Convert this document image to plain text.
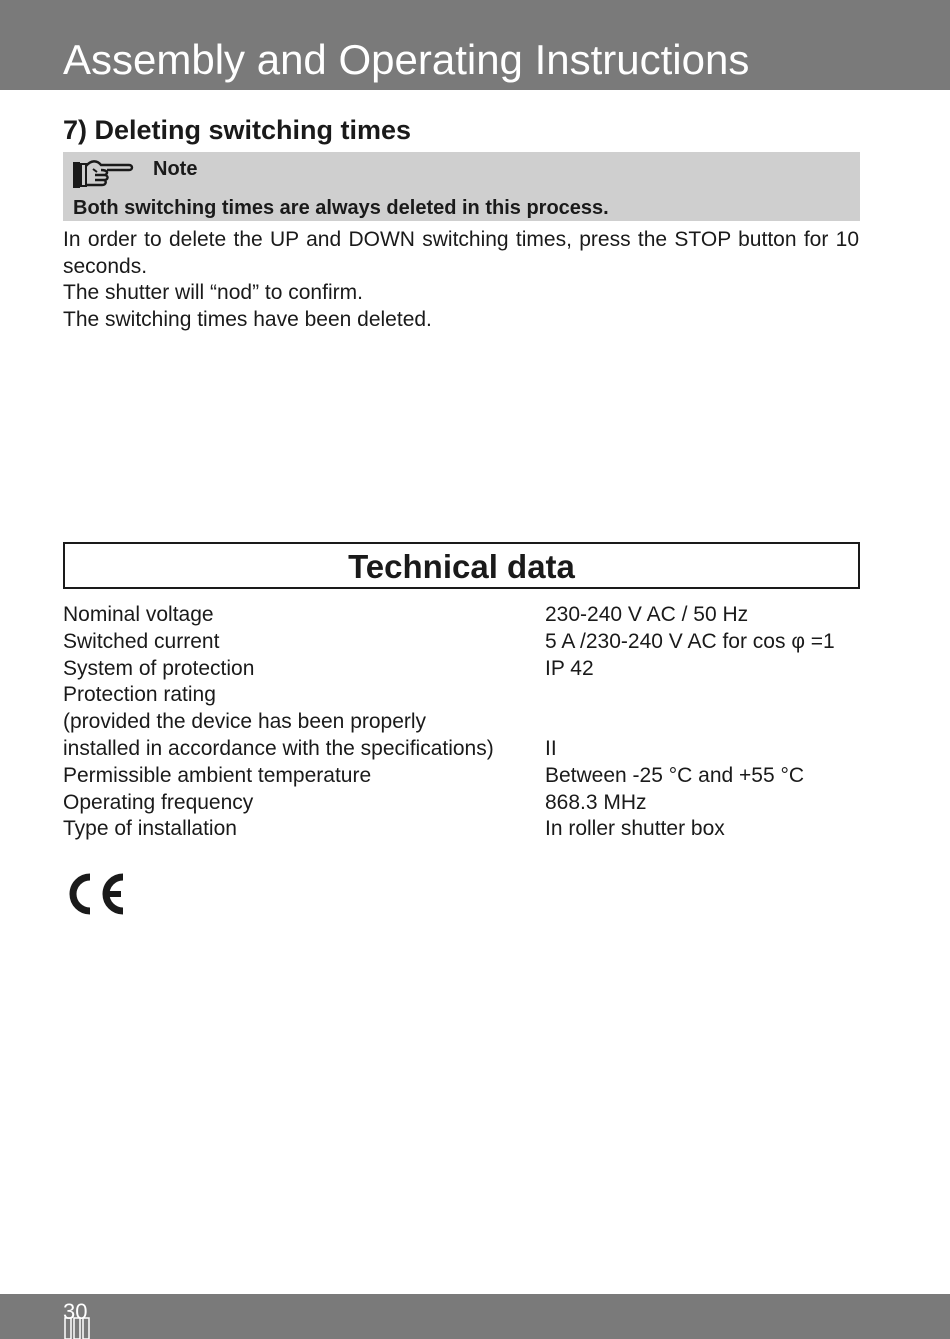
Assembly and Operating Instructions
7) Deleting switching times
Note
Both switching times are always deleted in this process.

In order to delete the UP and DOWN switching times, press the STOP button for 10 seconds.

The shutter will “nod” to confirm.

The switching times have been deleted.

Technical data
Nominal voltage	230-240 V AC / 50 Hz
Switched current	5 A /230-240 V AC for cos φ =1
System of protection	IP 42
Protection rating
(provided the device has been properly
installed in accordance with the specifications)	II
Permissible ambient temperature	Between -25 °C and +55 °C
Operating frequency	868.3 MHz
Type of installation	In roller shutter box
30
